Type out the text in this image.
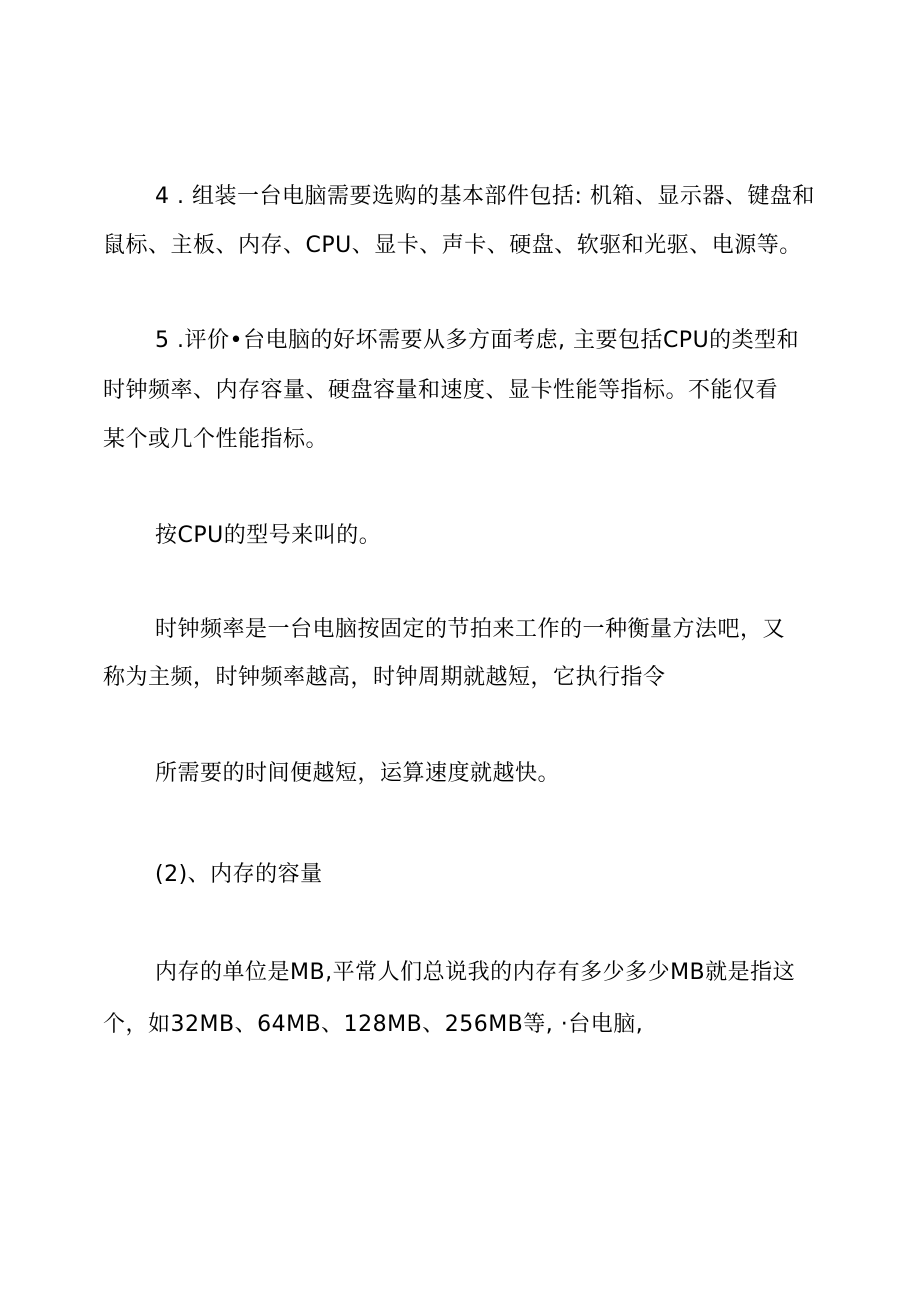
4 . 组装一台电脑需要选购的基本部件包括: 机箱、显示器、键盘和
鼠标、主板、内存、CPU、显卡、声卡、硬盘、软驱和光驱、电源等。
5 .评价•台电脑的好坏需要从多方面考虑, 主要包括CPU的类型和
时钟频率、内存容量、硬盘容量和速度、显卡性能等指标。不能仅看
某个或几个性能指标。
按CPU的型号来叫的。
时钟频率是一台电脑按固定的节拍来工作的一种衡量方法吧，又
称为主频，时钟频率越高，时钟周期就越短，它执行指令
所需要的时间便越短，运算速度就越快。
(2)、内存的容量
内存的单位是MB,平常人们总说我的内存有多少多少MB就是指这
个，如32MB、64MB、128MB、256MB等, ·台电脑,
